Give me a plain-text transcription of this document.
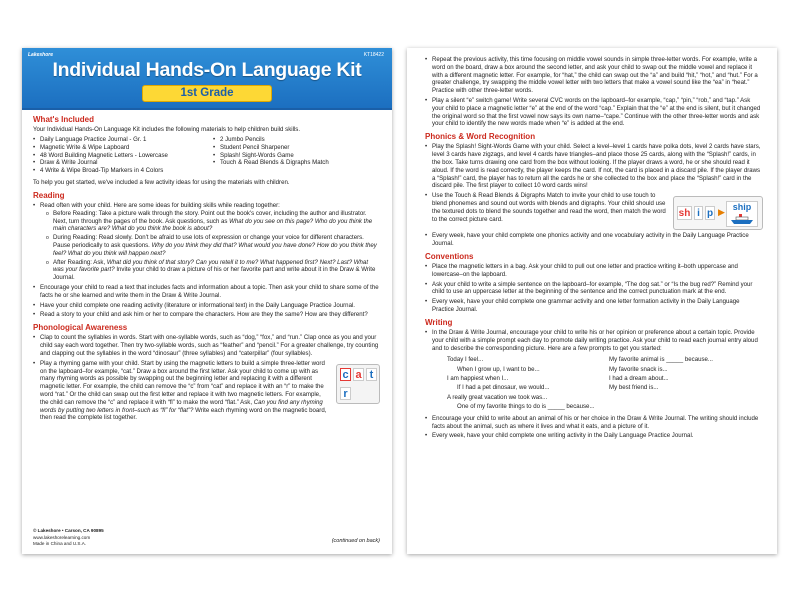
Lakeshore	KT18422
Individual Hands-On Language Kit
1st Grade
What's Included

Your Individual Hands-On Language Kit includes the following materials to help children build skills.

• Daily Language Practice Journal - Gr. 1	• 2 Jumbo Pencils
• Magnetic Write & Wipe Lapboard	• Student Pencil Sharpener
• 48 Word Building Magnetic Letters - Lowercase	• Splash! Sight-Words Game
• Draw & Write Journal	• Touch & Read Blends & Digraphs Match
• 4 Write & Wipe Broad-Tip Markers in 4 Colors

To help you get started, we've included a few activity ideas for using the materials with children.

Reading
• Read often with your child. Here are some ideas for building skills while reading together:
o Before Reading: Take a picture walk through the story. Point out the book's cover, including the author and illustrator. Next, turn through the pages of the book. Ask questions, such as What do you see on this page? Who do you think the main characters are? What do you think the book is about?
o During Reading: Read slowly. Don't be afraid to use lots of expression or change your voice for different characters. Pause periodically to ask questions. Why do you think they did that? What would you have done? How do you think they feel? What do you think will happen next?
o After Reading: Ask, What did you think of that story? Can you retell it to me? What happened first? Next? Last? What was your favorite part? Invite your child to draw a picture of his or her favorite part and write about it in the Draw & Write Journal.
• Encourage your child to read a text that includes facts and information about a topic. Then ask your child to share some of the facts he or she learned and write them in the Draw & Write Journal.
• Have your child complete one reading activity (literature or informational text) in the Daily Language Practice Journal.
• Read a story to your child and ask him or her to compare the characters. How are they the same? How are they different?
Phonological Awareness
• Clap to count the syllables in words. Start with one-syllable words, such as “dog,” “fox,” and “run.” Clap once as you and your child say each word together. Then try two-syllable words, such as “feather” and “pencil.” For a greater challenge, try counting and clapping out the syllables in the word “dinosaur” (three syllables) and “caterpillar” (four syllables).
• Play a rhyming game with your child. Start by using the magnetic letters to build a simple three-letter word on the lapboard–for example, “cat.” Draw a box around the first letter. Ask your child to come up with as many rhyming words as possible by swapping out the beginning letter and replacing it with a different magnetic letter. For example, the child can remove the “c” from “cat” and replace it with an “r” to make the word “rat.” Or the child can swap out the first letter and replace it with two magnetic letters. For example, the child can remove the “c” and replace it with “fl” to make the word “flat.” Ask, Can you find any rhyming words by putting two letters in front–such as “fl” for “flat”? Write each rhyming word on the magnetic board, then read the complete list together.
c a t
r
© Lakeshore • Carson, CA 90895
www.lakeshorelearning.com
Made in China and U.S.A.	(continued on back)
• Repeat the previous activity, this time focusing on middle vowel sounds in simple three-letter words. For example, write a word on the board, draw a box around the second letter, and ask your child to swap out the middle vowel and replace it with a different magnetic letter. For example, for “hat,” the child can swap out the “a” and build “hit,” “hot,” and “hut.” For a greater challenge, try swapping the middle vowel letter with two letters that make a vowel sound like the “ea” in “heat.” Practice with other three-letter words.
• Play a silent “e” switch game! Write several CVC words on the lapboard–for example, “cap,” “pin,” “rob,” and “tap.” Ask your child to place a magnetic letter “e” at the end of the word “cap.” Explain that the “e” at the end is silent, but it changed the original word so that the first vowel now says its own name–“cape.” Continue with the other three-letter words and ask your child to identify the new words made when “e” is added at the end.
Phonics & Word Recognition
• Play the Splash! Sight-Words Game with your child. Select a level–level 1 cards have polka dots, level 2 cards have stars, level 3 cards have zigzags, and level 4 cards have triangles–and place those 25 cards, along with the “Splash!” cards, in the box. Take turns drawing one card from the box without looking. If the player draws a word, he or she should read it aloud. If the word is read correctly, the player keeps the card. If not, the card is placed in a discard pile. If the player draws a “Splash!” card, the player has to return all the cards he or she collected to the box and place the “Splash!” card in the discard pile. The first player to collect 10 word cards wins!
• Use the Touch & Read Blends & Digraphs Match to invite your child to use touch to blend phonemes and sound out words with blends and digraphs. Your child should use the textured dots to blend the sounds together and read the word, then match the word to the correct picture card.	sh i p ▶ ship
• Every week, have your child complete one phonics activity and one vocabulary activity in the Daily Language Practice Journal.
Conventions
• Place the magnetic letters in a bag. Ask your child to pull out one letter and practice writing it–both uppercase and lowercase–on the lapboard.
• Ask your child to write a simple sentence on the lapboard–for example, “The dog sat.” or “Is the bug red?” Remind your child to use an uppercase letter at the beginning of the sentence and the correct punctuation mark at the end.
• Every week, have your child complete one grammar activity and one letter formation activity in the Daily Language Practice Journal.
Writing
• In the Draw & Write Journal, encourage your child to write his or her opinion or preference about a certain topic. Provide your child with a simple prompt each day to promote daily writing practice. Ask your child to read each journal entry aloud and to describe the corresponding picture. Here are a few prompts to get you started:
Today I feel...	My favorite animal is _____ because...
When I grow up, I want to be...	My favorite snack is...
I am happiest when I...	I had a dream about...
If I had a pet dinosaur, we would...	My best friend is...
A really great vacation we took was...
One of my favorite things to do is _____ because...
• Encourage your child to write about an animal of his or her choice in the Draw & Write Journal. The writing should include facts about the animal, such as where it lives and what it eats, and a picture of it.
• Every week, have your child complete one writing activity in the Daily Language Practice Journal.
